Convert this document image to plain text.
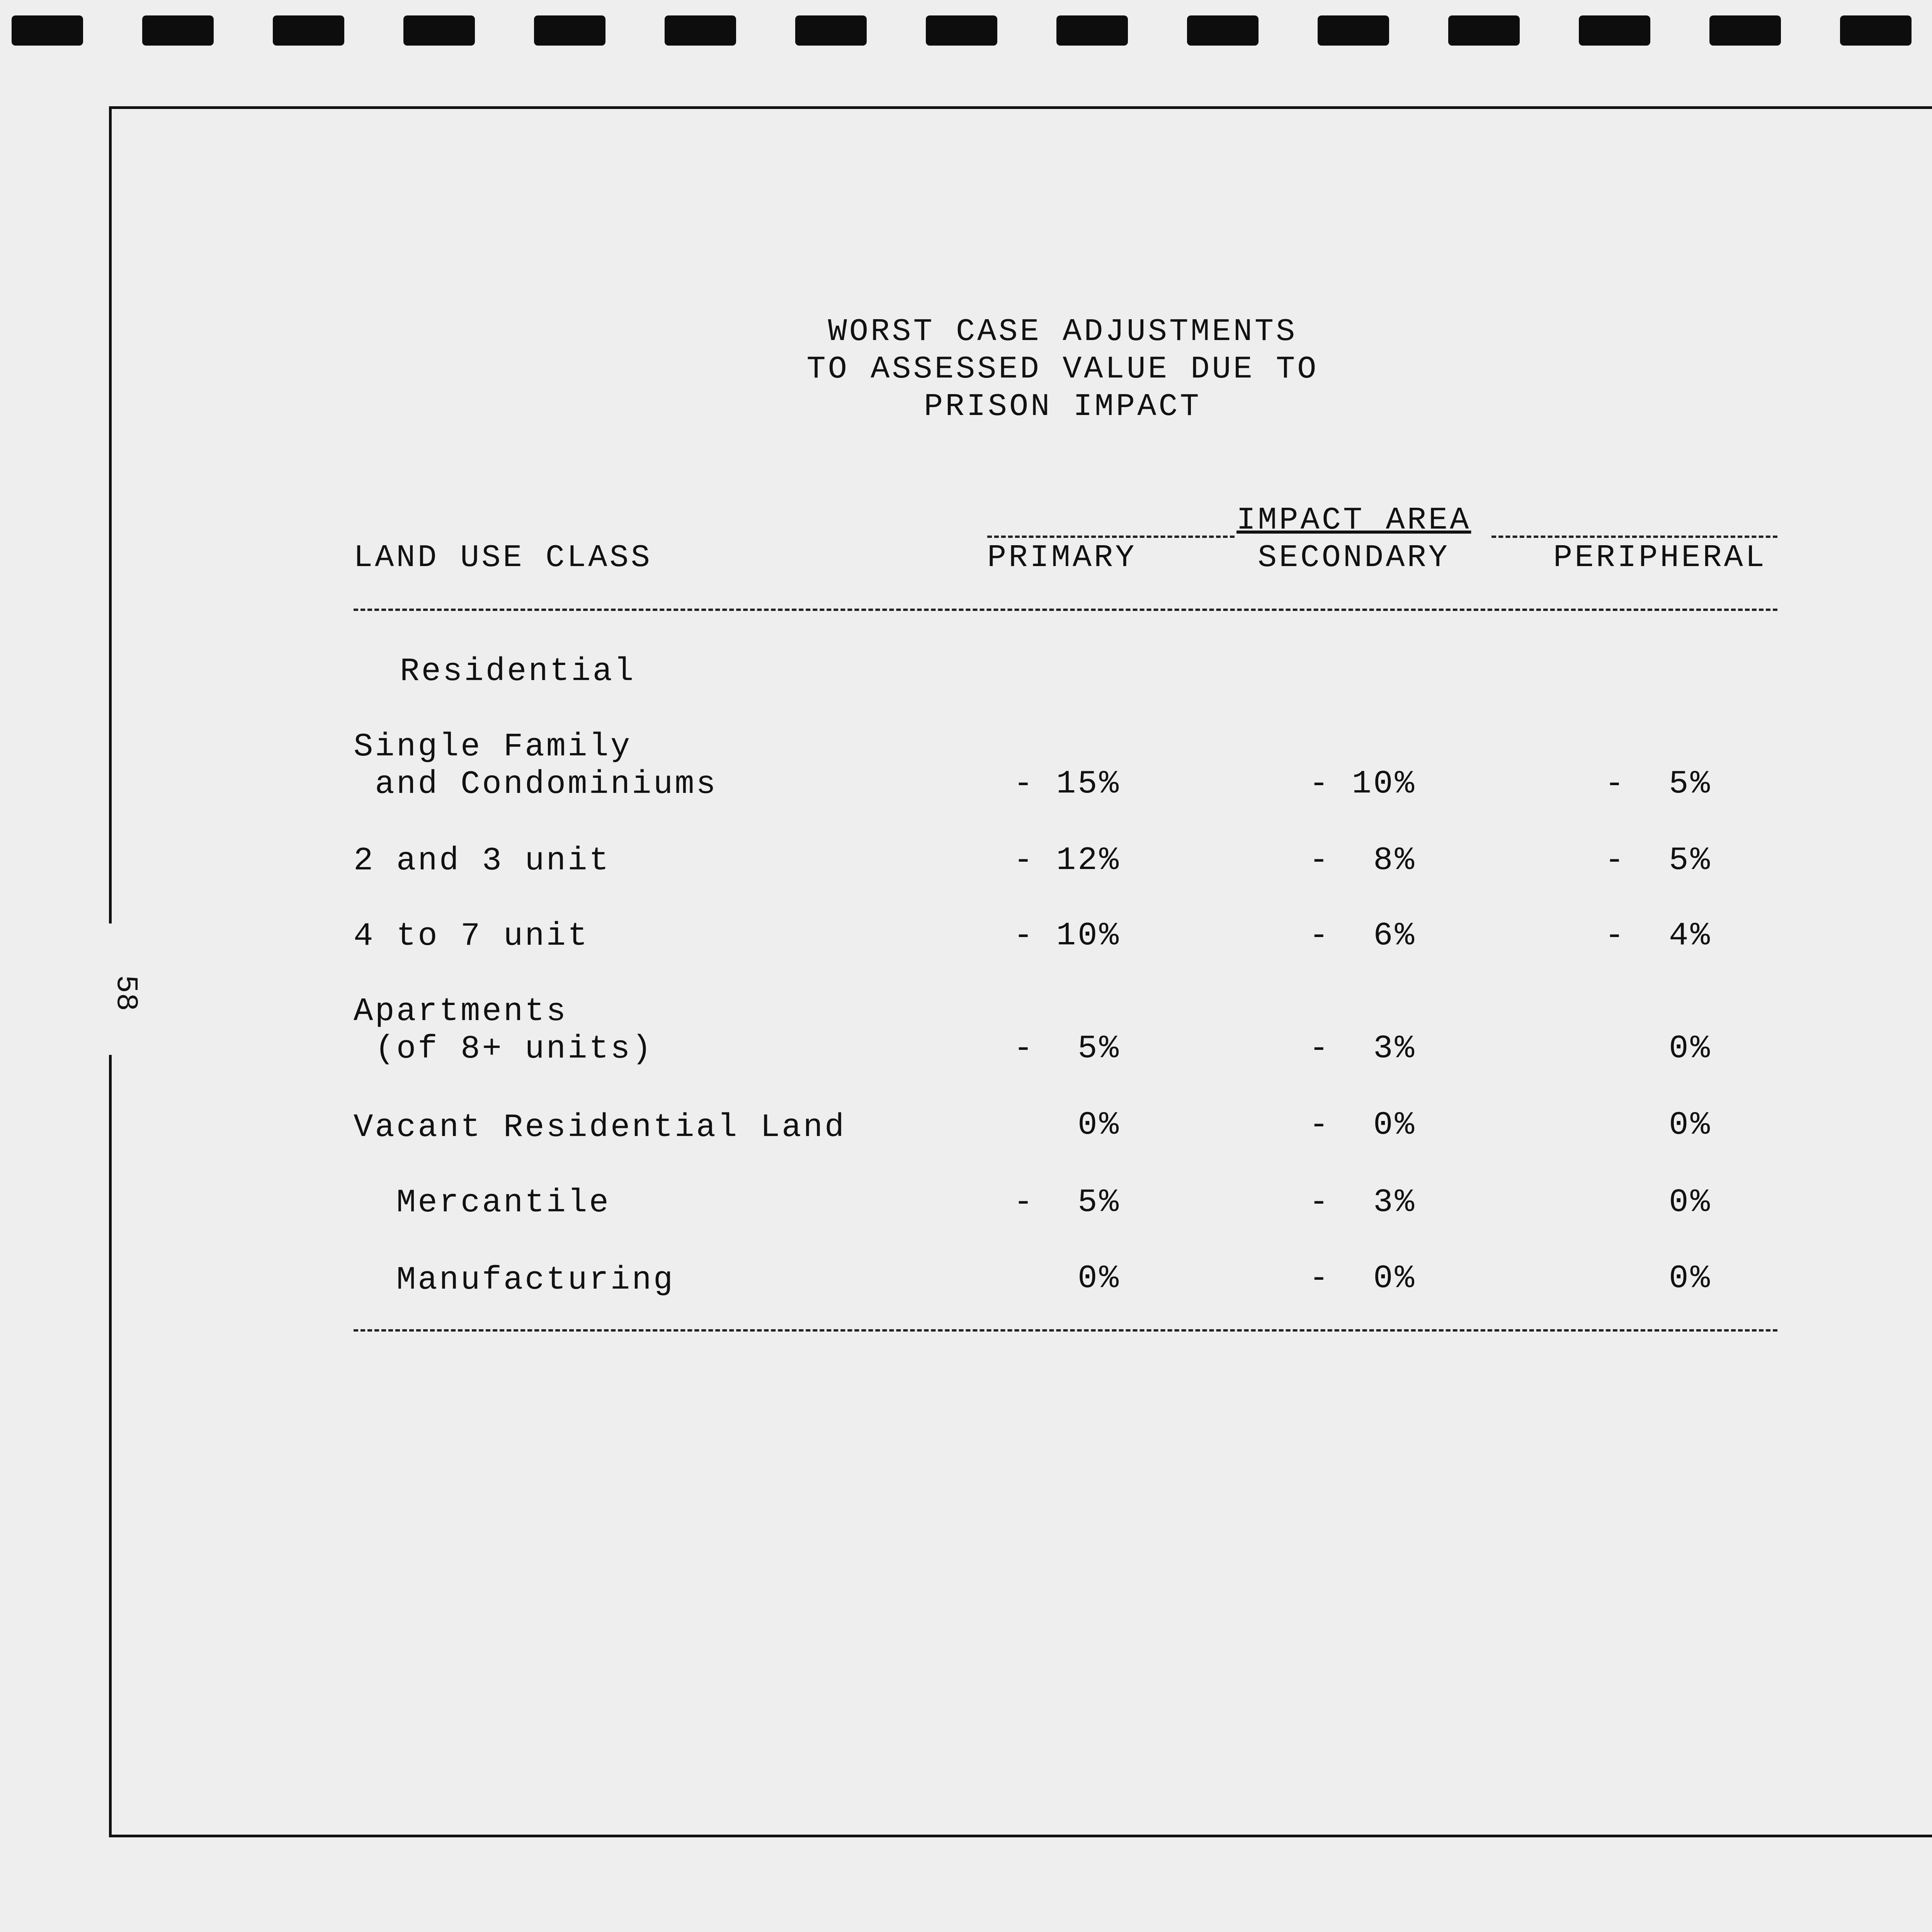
58
WORST CASE ADJUSTMENTS
TO ASSESSED VALUE DUE TO
PRISON IMPACT
IMPACT AREA
LAND USE CLASS	PRIMARY	SECONDARY	PERIPHERAL
Residential
Single Family
and Condominiums	- 15%	- 10%	-  5%
2 and 3 unit	- 12%	-  8%	-  5%
4 to 7 unit	- 10%	-  6%	-  4%
Apartments
(of 8+ units)	-  5%	-  3%	0%
Vacant Residential Land	0%	-  0%	0%
Mercantile	-  5%	-  3%	0%
Manufacturing	0%	-  0%	0%
